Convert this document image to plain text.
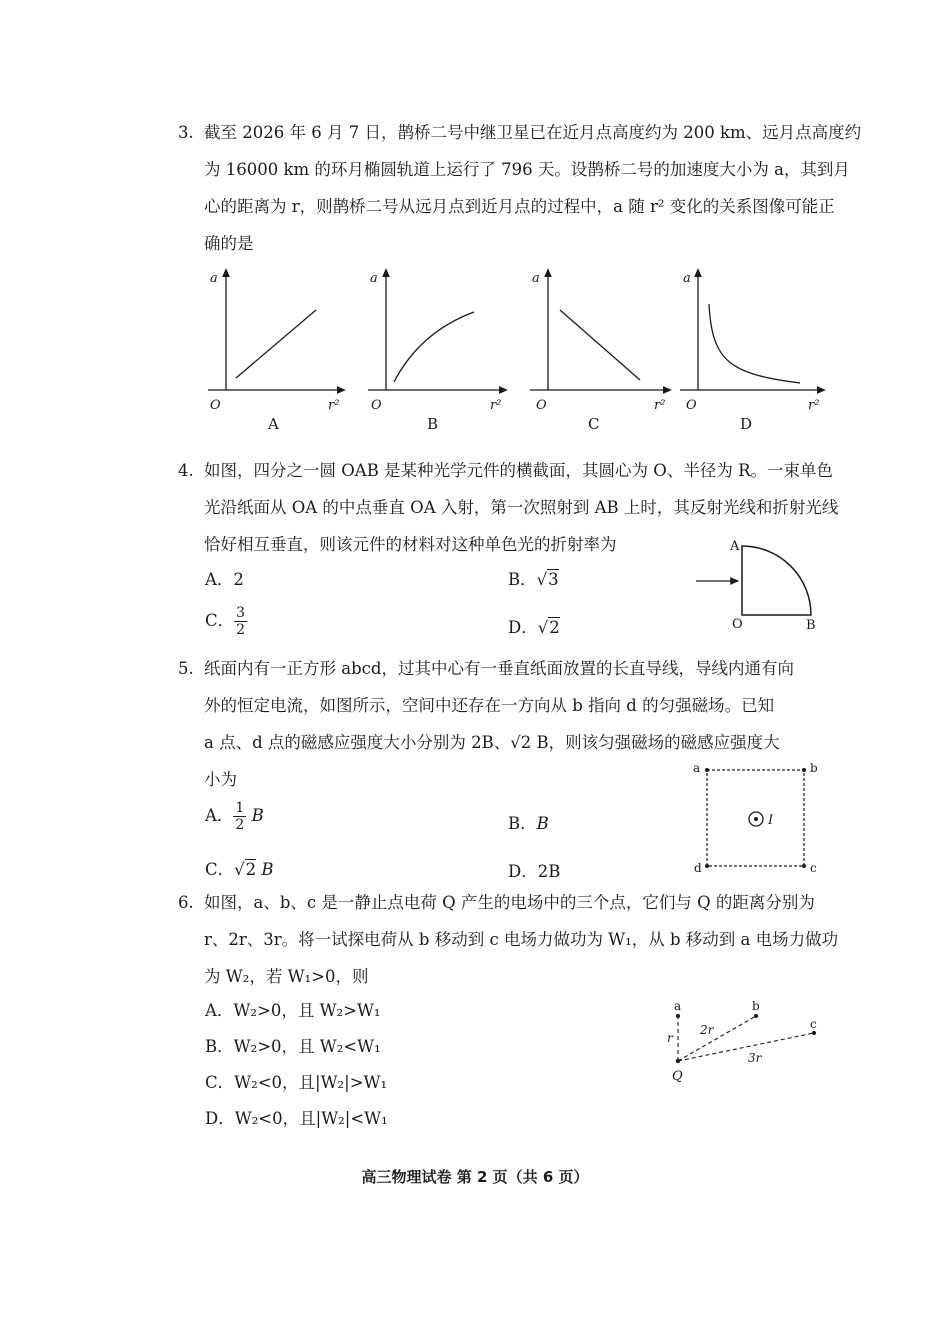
3. 截至 2026 年 6 月 7 日，鹊桥二号中继卫星已在近月点高度约为 200 km、远月点高度约
为 16000 km 的环月椭圆轨道上运行了 796 天。设鹊桥二号的加速度大小为 a，其到月
心的距离为 r，则鹊桥二号从远月点到近月点的过程中，a 随 r² 变化的关系图像可能正
确的是
a
O	r²
A
a
O	r²
B
a
O	r²
C
a
O	r²
D
4. 如图，四分之一圆 OAB 是某种光学元件的横截面，其圆心为 O、半径为 R。一束单色
光沿纸面从 OA 的中点垂直 OA 入射，第一次照射到 AB 上时，其反射光线和折射光线
恰好相互垂直，则该元件的材料对这种单色光的折射率为
A．2	B．√3
C． $\frac{3}{2}$	D．√2
A
O	B
5. 纸面内有一正方形 abcd，过其中心有一垂直纸面放置的长直导线，导线内通有向
外的恒定电流，如图所示，空间中还存在一方向从 b 指向 d 的匀强磁场。已知
a 点、d 点的磁感应强度大小分别为 2B、√2 B，则该匀强磁场的磁感应强度大
小为
A． $\frac{1}{2}$ B	B．B
C．√2 B	D．2B
a	b
c
d
I
6. 如图，a、b、c 是一静止点电荷 Q 产生的电场中的三个点，它们与 Q 的距离分别为
r、2r、3r。将一试探电荷从 b 移动到 c 电场力做功为 W₁，从 b 移动到 a 电场力做功
为 W₂，若 W₁>0，则
A．W₂>0，且 W₂>W₁
B．W₂>0，且 W₂<W₁
C．W₂<0，且|W₂|>W₁
D．W₂<0，且|W₂|<W₁
a	b
c
Q
r
2r
3r
高三物理试卷 第 2 页（共 6 页）
